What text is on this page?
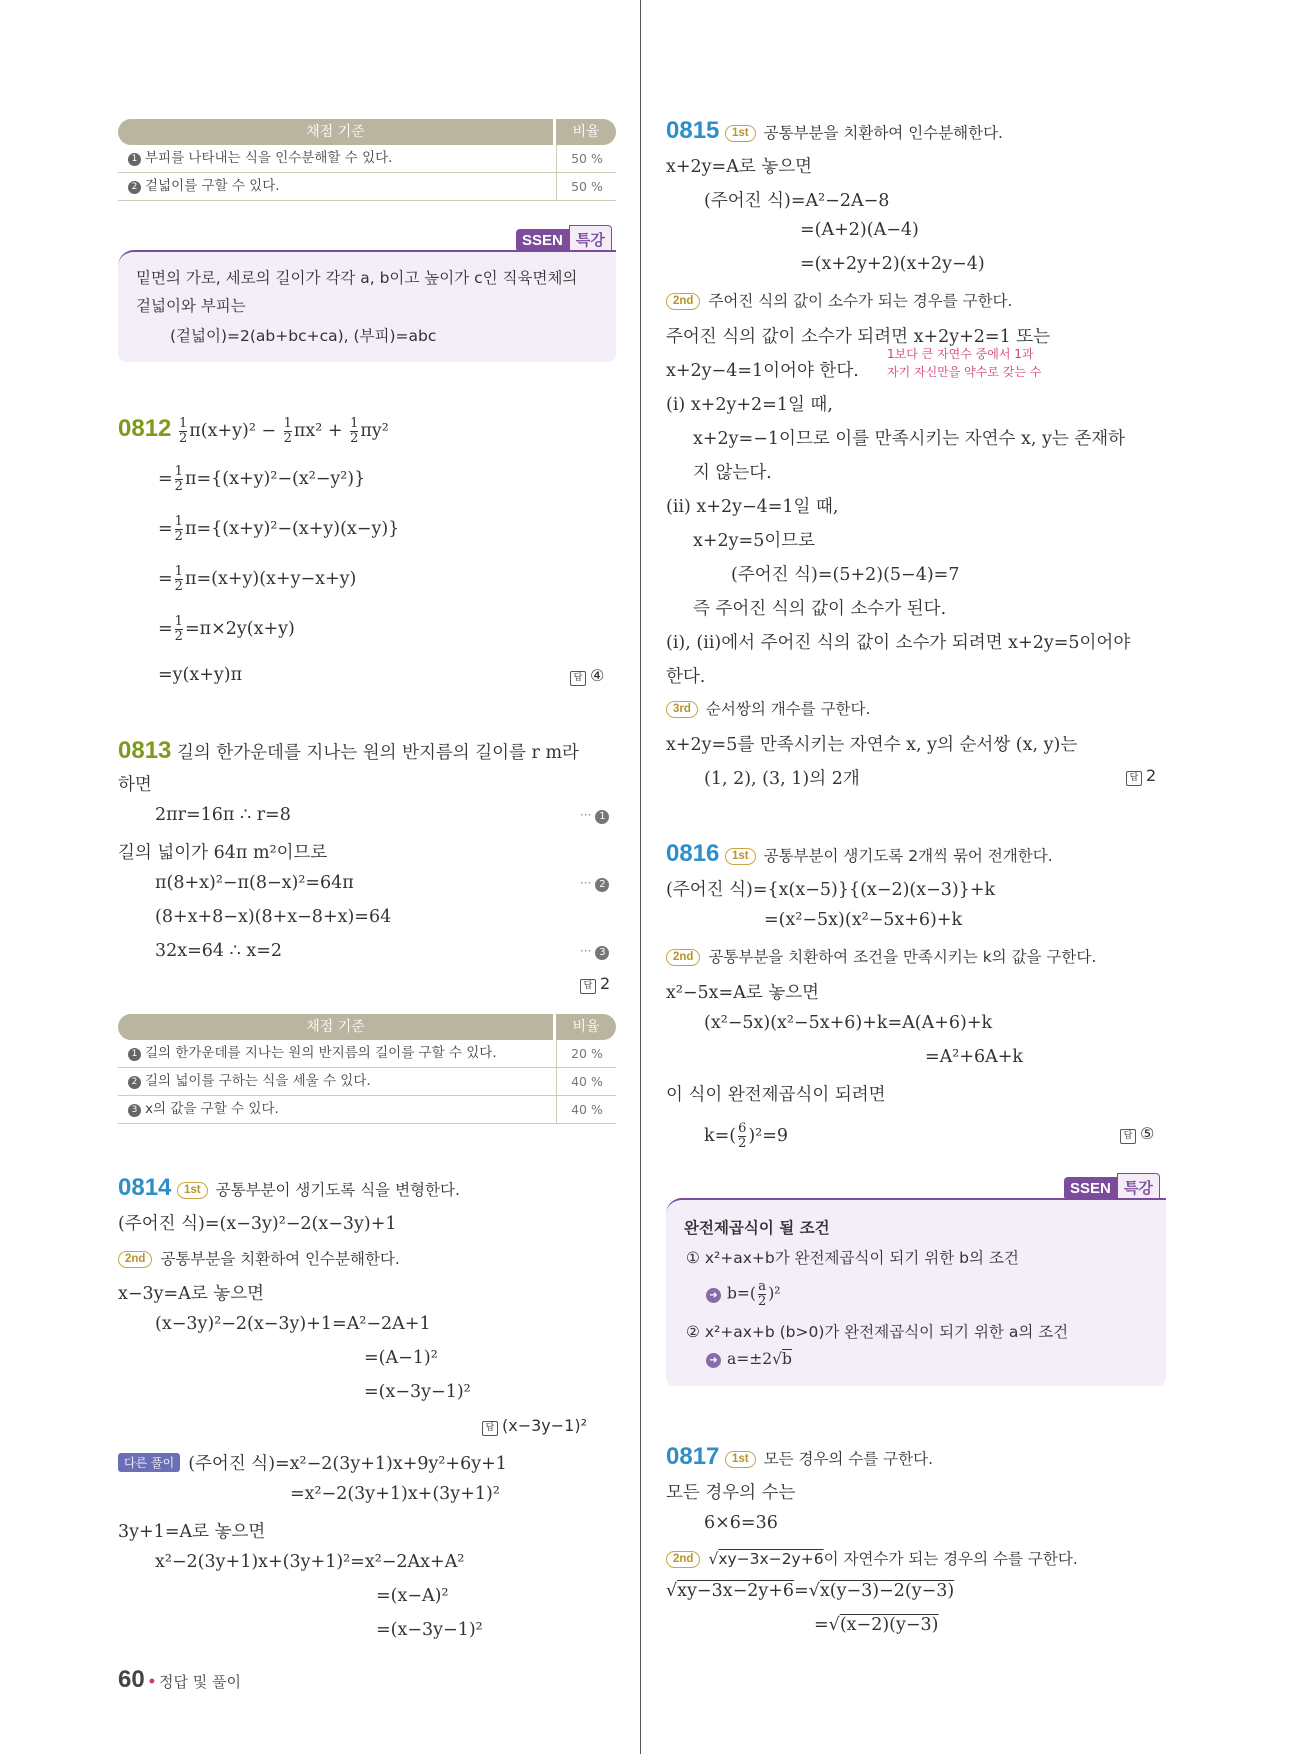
채점 기준	비율
1 부피를 나타내는 식을 인수분해할 수 있다.	50 %
2 겉넓이를 구할 수 있다.	50 %
SSEN 특강
밑면의 가로, 세로의 길이가 각각 a, b이고 높이가 c인 직육면체의
겉넓이와 부피는
(겉넓이)=2(ab+bc+ca), (부피)=abc
$0812 \frac{1}{2} \pi(x+y)^2 - \frac{1}{2} \pi x^2 + \frac{1}{2} \pi y^2$
= $\frac{1}{2} \pi=\{(x+y)^2-(x^2-y^2)\}$
= $\frac{1}{2} \pi=\{(x+y)^2-(x+y)(x-y)\}$
= $\frac{1}{2} \pi=(x+y)(x+y-x+y)$
= $\frac{1}{2} =\pi\times 2y(x+y)$
=y(x+y)π	답 ④
0813 길의 한가운데를 지나는 원의 반지름의 길이를 r m라
하면
2πr=16π ∴ r=8	··· 1
길의 넓이가 64π m²이므로
π(8+x)²−π(8−x)²=64π	··· 2
(8+x+8−x)(8+x−8+x)=64
32x=64 ∴ x=2	··· 3
답 2
채점 기준	비율
1 길의 한가운데를 지나는 원의 반지름의 길이를 구할 수 있다.	20 %
2 길의 넓이를 구하는 식을 세울 수 있다.	40 %
3 x의 값을 구할 수 있다.	40 %
0814 1st 공통부분이 생기도록 식을 변형한다.
(주어진 식)=(x−3y)²−2(x−3y)+1
2nd 공통부분을 치환하여 인수분해한다.
x−3y=A로 놓으면
(x−3y)²−2(x−3y)+1=A²−2A+1
=(A−1)²
=(x−3y−1)²
답 (x−3y−1)²
다른 풀이 (주어진 식)=x²−2(3y+1)x+9y²+6y+1
=x²−2(3y+1)x+(3y+1)²
3y+1=A로 놓으면
x²−2(3y+1)x+(3y+1)²=x²−2Ax+A²
=(x−A)²
=(x−3y−1)²
60 • 정답 및 풀이
0815 1st 공통부분을 치환하여 인수분해한다.
x+2y=A로 놓으면
(주어진 식)=A²−2A−8
=(A+2)(A−4)
=(x+2y+2)(x+2y−4)
2nd 주어진 식의 값이 소수가 되는 경우를 구한다.
주어진 식의 값이 소수가 되려면 x+2y+2=1 또는
1보다 큰 자연수 중에서 1과
x+2y−4=1이어야 한다. 자기 자신만을 약수로 갖는 수
(ⅰ) x+2y+2=1일 때,
x+2y=−1이므로 이를 만족시키는 자연수 x, y는 존재하
지 않는다.
(ⅱ) x+2y−4=1일 때,
x+2y=5이므로
(주어진 식)=(5+2)(5−4)=7
즉 주어진 식의 값이 소수가 된다.
(ⅰ), (ⅱ)에서 주어진 식의 값이 소수가 되려면 x+2y=5이어야
한다.
3rd 순서쌍의 개수를 구한다.
x+2y=5를 만족시키는 자연수 x, y의 순서쌍 (x, y)는
(1, 2), (3, 1)의 2개	답 2
0816 1st 공통부분이 생기도록 2개씩 묶어 전개한다.
(주어진 식)={x(x−5)}{(x−2)(x−3)}+k
=(x²−5x)(x²−5x+6)+k
2nd 공통부분을 치환하여 조건을 만족시키는 k의 값을 구한다.
x²−5x=A로 놓으면
(x²−5x)(x²−5x+6)+k=A(A+6)+k
=A²+6A+k
이 식이 완전제곱식이 되려면
$k=( \frac{6}{2} )^2=9$	답 ⑤
SSEN 특강
완전제곱식이 될 조건
① x²+ax+b가 완전제곱식이 되기 위한 b의 조건
➜ $b=( \frac{a}{2} )^2$
② x²+ax+b (b>0)가 완전제곱식이 되기 위한 a의 조건
➜ a=±2√b
0817 1st 모든 경우의 수를 구한다.
모든 경우의 수는
6×6=36
2nd √xy−3x−2y+6이 자연수가 되는 경우의 수를 구한다.
√xy−3x−2y+6=√x(y−3)−2(y−3)
=√(x−2)(y−3)
